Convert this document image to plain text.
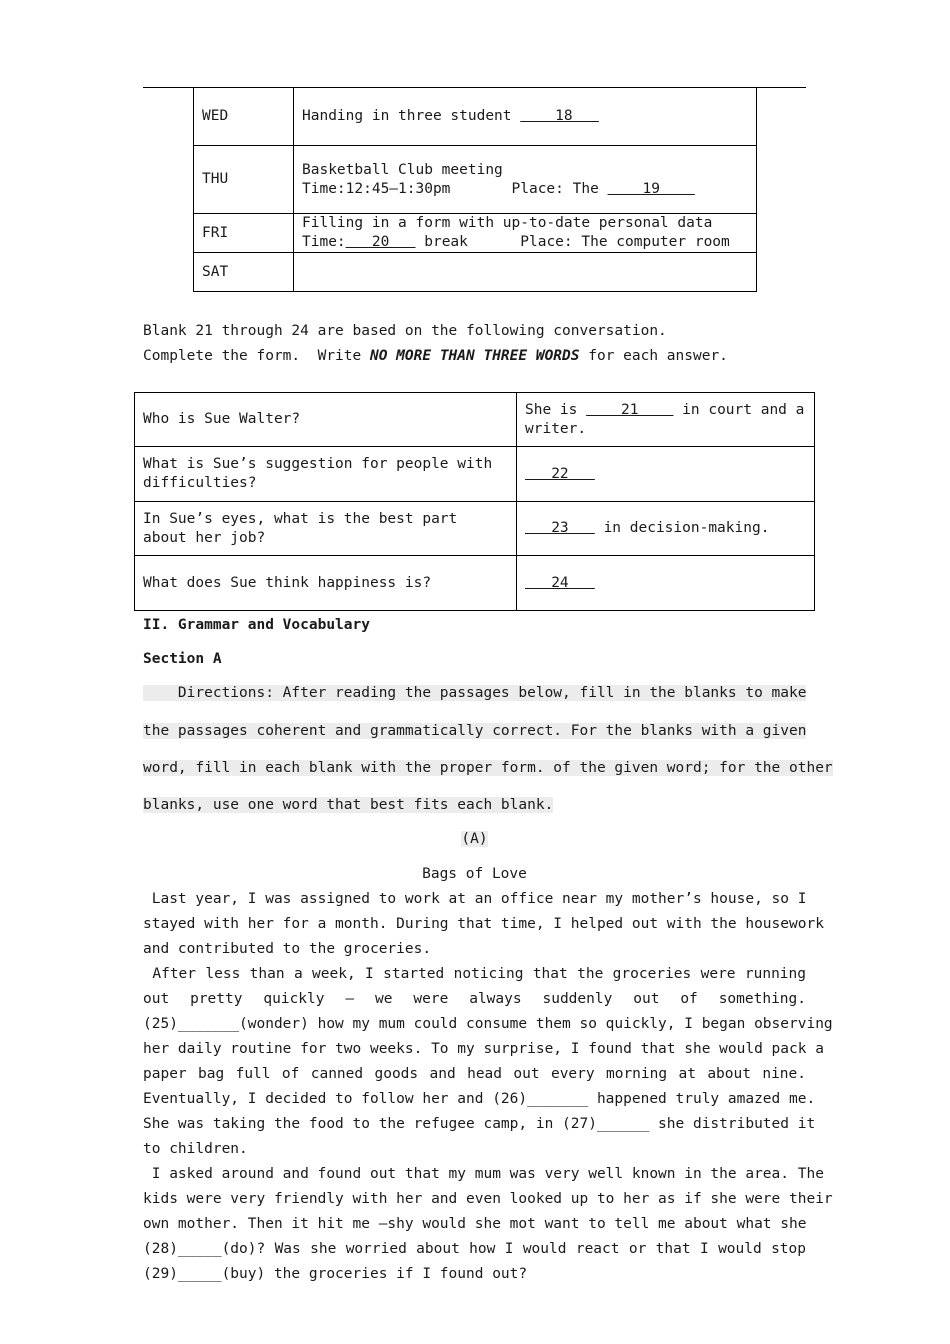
WED	Handing in three student     18
THU	Basketball Club meeting
Time:12:45—1:30pm       Place: The     19

FRI	Filling in a form with up-to-date personal data
Time:   20    break      Place: The computer room

SAT	
Blank 21 through 24 are based on the following conversation.
Complete the form.  Write NO MORE THAN THREE WORDS for each answer.
Who is Sue Walter?	She is     21     in court and a writer.
What is Sue’s suggestion for people with difficulties?	22
In Sue’s eyes, what is the best part about her job?	23    in decision-making.
What does Sue think happiness is?	24
II. Grammar and Vocabulary
Section A
Directions: After reading the passages below, fill in the blanks to make
the passages coherent and grammatically correct. For the blanks with a given
word, fill in each blank with the proper form. of the given word; for the other
blanks, use one word that best fits each blank.
(A)
Bags of Love
Last year, I was assigned to work at an office near my mother’s house, so I
stayed with her for a month. During that time, I helped out with the housework
and contributed to the groceries.
After less than a week, I started noticing that the groceries were running
out pretty quickly — we were always suddenly out of something.
(25)_______(wonder) how my mum could consume them so quickly, I began observing
her daily routine for two weeks. To my surprise, I found that she would pack a
paper bag full of canned goods and head out every morning at about nine.
Eventually, I decided to follow her and (26)_______ happened truly amazed me.
She was taking the food to the refugee camp, in (27)______ she distributed it
to children.
I asked around and found out that my mum was very well known in the area. The
kids were very friendly with her and even looked up to her as if she were their
own mother. Then it hit me —shy would she mot want to tell me about what she
(28)_____(do)? Was she worried about how I would react or that I would stop
(29)_____(buy) the groceries if I found out?
